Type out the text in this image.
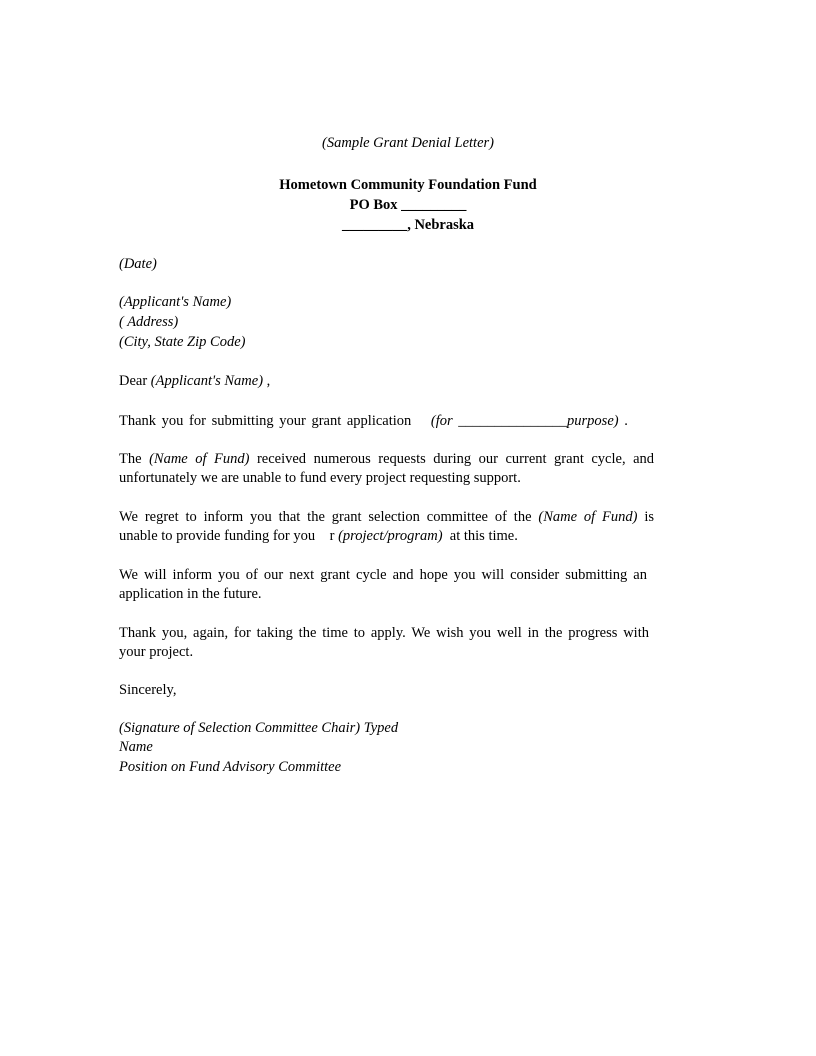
(Sample Grant Denial Letter)
Hometown Community Foundation Fund
PO Box _________
_________, Nebraska
(Date)
(Applicant's Name)
( Address)
(City, State Zip Code)
Dear (Applicant's Name) ,
Thank you for submitting your grant application (for _______________purpose) .
The (Name of Fund) received numerous requests during our current grant cycle, and
unfortunately we are unable to fund every project requesting support.
We regret to inform you that the grant selection committee of the (Name of Fund) is
unable to provide funding for you    r (project/program)  at this time.
We will inform you of our next grant cycle and hope you will consider submitting an
application in the future.
Thank you, again, for taking the time to apply. We wish you well in the progress with
your project.
Sincerely,
(Signature of Selection Committee Chair) Typed
Name
Position on Fund Advisory Committee
